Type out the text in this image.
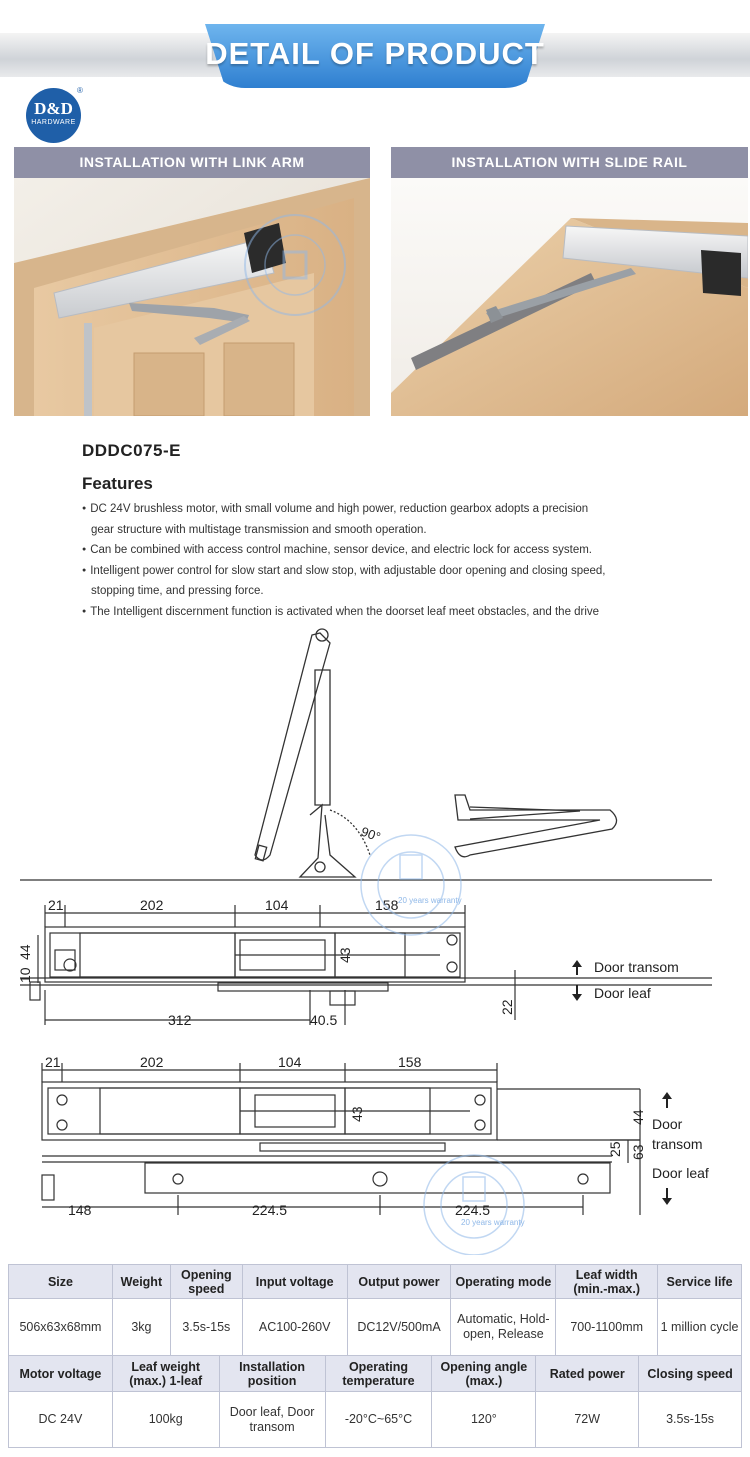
DETAIL OF PRODUCT
D&D
HARDWARE
®
INSTALLATION WITH LINK ARM	INSTALLATION WITH SLIDE RAIL
DDDC075-E
Features
● DC 24V brushless motor, with small volume and high power, reduction gearbox adopts a precision
gear structure with multistage transmission and smooth operation.
● Can be combined with access control machine, sensor device, and electric lock for access system.
● Intelligent power control for slow start and slow stop, with adjustable door opening and closing speed,
stopping time, and pressing force.
● The Intelligent discernment function is activated when the doorset leaf meet obstacles, and the drive
90°
21	202	104	158
44
10
43
312	40.5
22
Door transom
Door leaf
21	202	104	158
44
43
25 63
148	224.5	224.5
Door
transom
Door leaf
20 years warranty
20 years warranty
Size	Weight	Opening speed	Input voltage	Output power	Operating mode	Leaf width (min.-max.)	Service life
506x63x68mm	3kg	3.5s-15s	AC100-260V	DC12V/500mA	Automatic, Hold-open, Release	700-1100mm	1 million cycle
Motor voltage	Leaf weight (max.) 1-leaf	Installation position	Operating temperature	Opening angle (max.)	Rated power	Closing speed
DC 24V	100kg	Door leaf, Door transom	-20°C~65°C	120°	72W	3.5s-15s
